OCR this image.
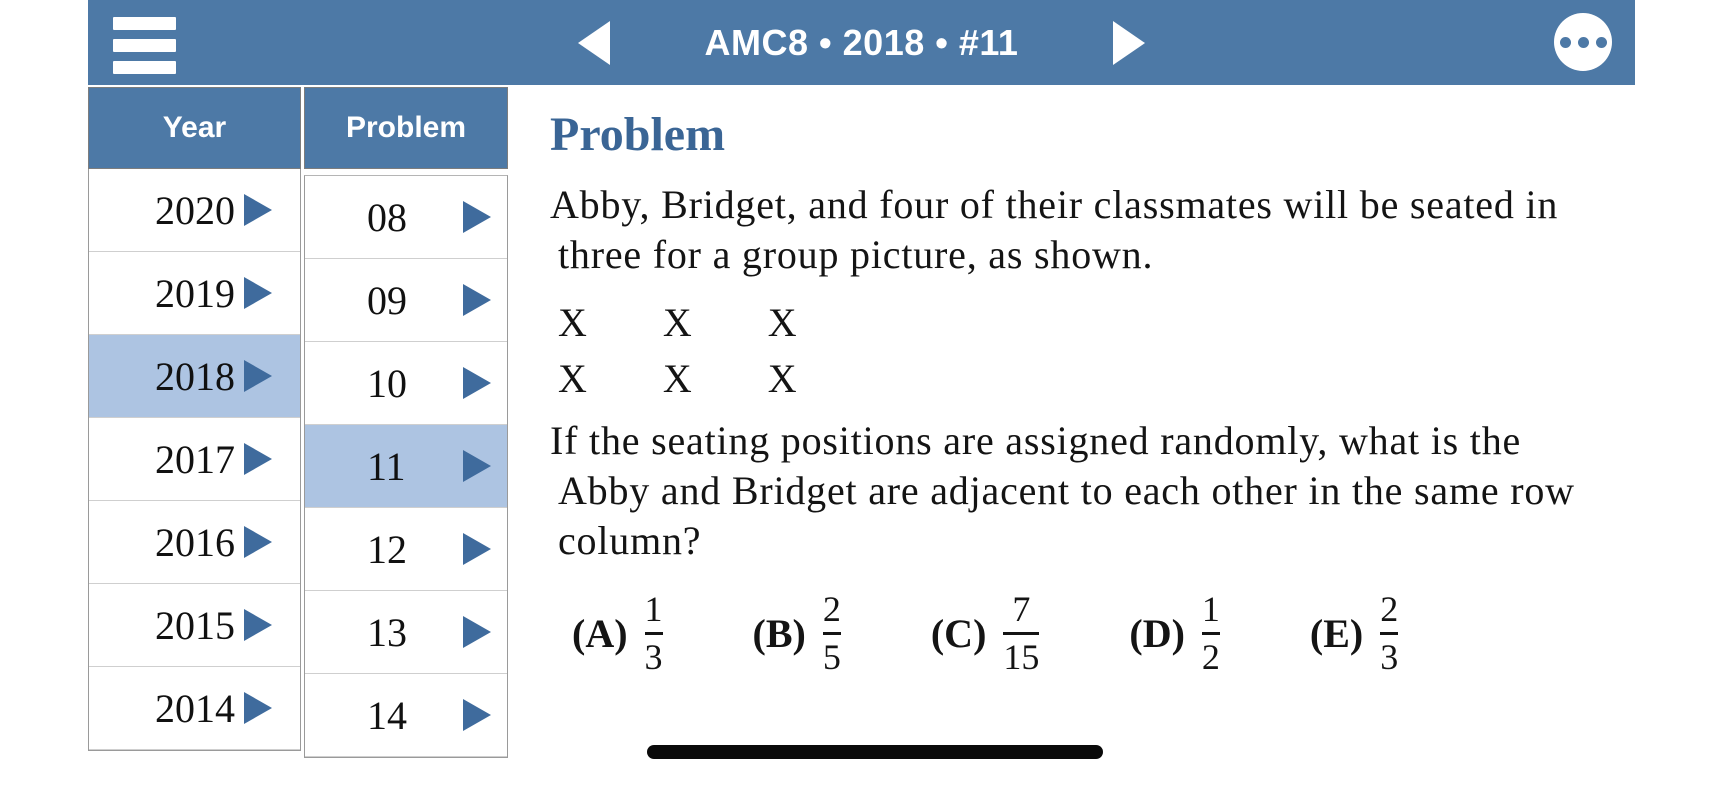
AMC8 • 2018 • #11
Year
2020
2019
2018
2017
2016
2015
2014
Problem
08
09
10
11
12
13
14
Problem
Abby, Bridget, and four of their classmates will be seated in
three for a group picture, as shown.
X X X
X X X
If the seating positions are assigned randomly, what is the
Abby and Bridget are adjacent to each other in the same row
column?
$(A) \frac{1}{3} (B) \frac{2}{5} (C) \frac{7}{15} (D) \frac{1}{2} (E) \frac{2}{3}$
